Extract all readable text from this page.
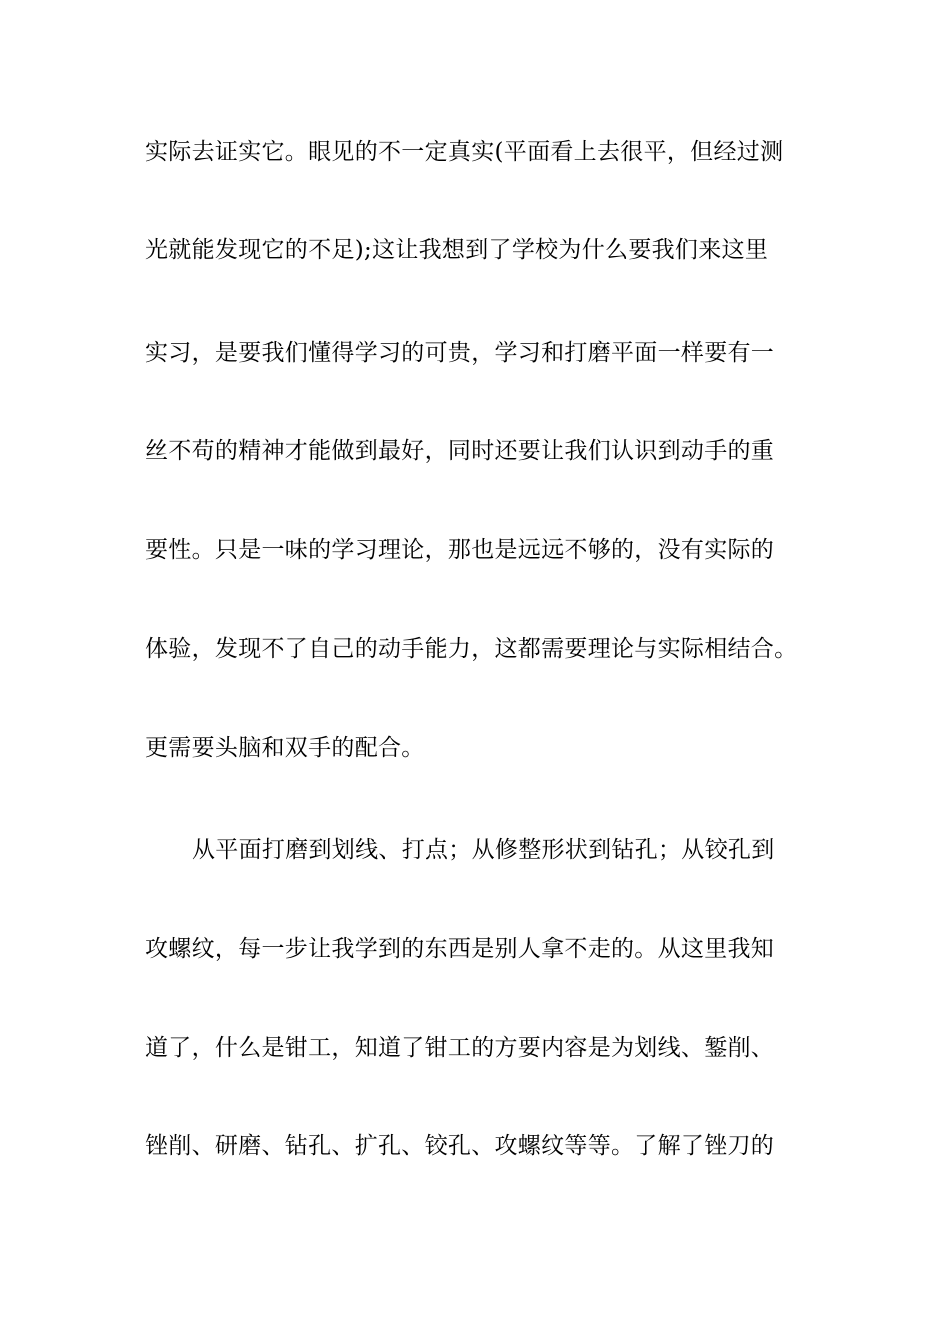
实际去证实它。眼见的不一定真实(平面看上去很平，但经过测
光就能发现它的不足);这让我想到了学校为什么要我们来这里
实习，是要我们懂得学习的可贵，学习和打磨平面一样要有一
丝不苟的精神才能做到最好，同时还要让我们认识到动手的重
要性。只是一味的学习理论，那也是远远不够的，没有实际的
体验，发现不了自己的动手能力，这都需要理论与实际相结合。
更需要头脑和双手的配合。
从平面打磨到划线、打点；从修整形状到钻孔；从铰孔到
攻螺纹，每一步让我学到的东西是别人拿不走的。从这里我知
道了，什么是钳工，知道了钳工的方要内容是为划线、錾削、
锉削、研磨、钻孔、扩孔、铰孔、攻螺纹等等。了解了锉刀的
